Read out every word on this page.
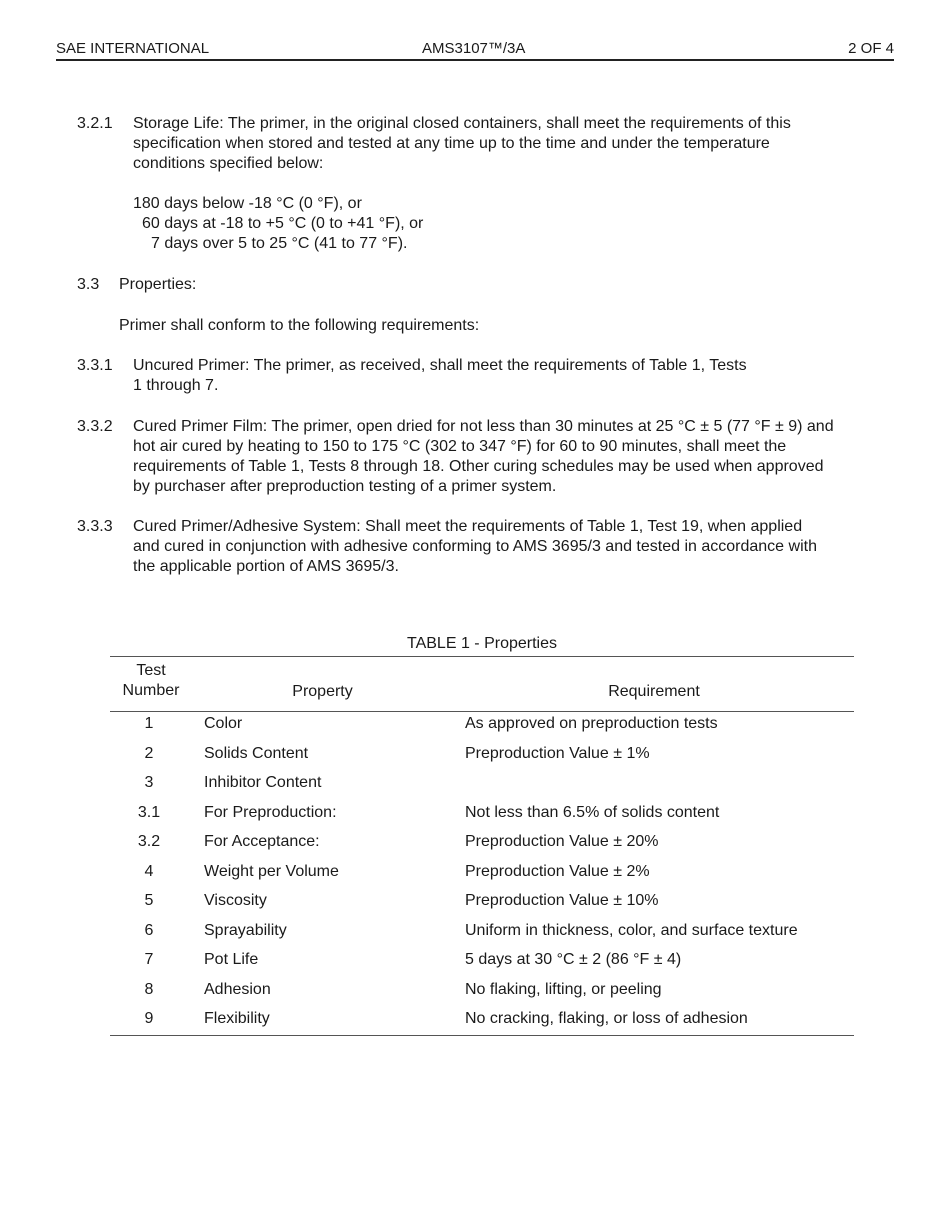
SAE INTERNATIONAL	AMS3107™/3A	2 OF 4
3.2.1 Storage Life: The primer, in the original closed containers, shall meet the requirements of this
specification when stored and tested at any time up to the time and under the temperature
conditions specified below:
180 days below -18 °C (0 °F), or
60 days at -18 to +5 °C (0 to +41 °F), or
7 days over 5 to 25 °C (41 to 77 °F).
3.3 Properties:
Primer shall conform to the following requirements:
3.3.1 Uncured Primer: The primer, as received, shall meet the requirements of Table 1, Tests
1 through 7.
3.3.2 Cured Primer Film: The primer, open dried for not less than 30 minutes at 25 °C ± 5 (77 °F ± 9) and
hot air cured by heating to 150 to 175 °C (302 to 347 °F) for 60 to 90 minutes, shall meet the
requirements of Table 1, Tests 8 through 18. Other curing schedules may be used when approved
by purchaser after preproduction testing of a primer system.
3.3.3 Cured Primer/Adhesive System: Shall meet the requirements of Table 1, Test 19, when applied
and cured in conjunction with adhesive conforming to AMS 3695/3 and tested in accordance with
the applicable portion of AMS 3695/3.
TABLE 1 - Properties
Test
Number	Property	Requirement
1	Color	As approved on preproduction tests
2	Solids Content	Preproduction Value ± 1%
3	Inhibitor Content
3.1	For Preproduction:	Not less than 6.5% of solids content
3.2	For Acceptance:	Preproduction Value ± 20%
4	Weight per Volume	Preproduction Value ± 2%
5	Viscosity	Preproduction Value ± 10%
6	Sprayability	Uniform in thickness, color, and surface texture
7	Pot Life	5 days at 30 °C ± 2 (86 °F ± 4)
8	Adhesion	No flaking, lifting, or peeling
9	Flexibility	No cracking, flaking, or loss of adhesion
